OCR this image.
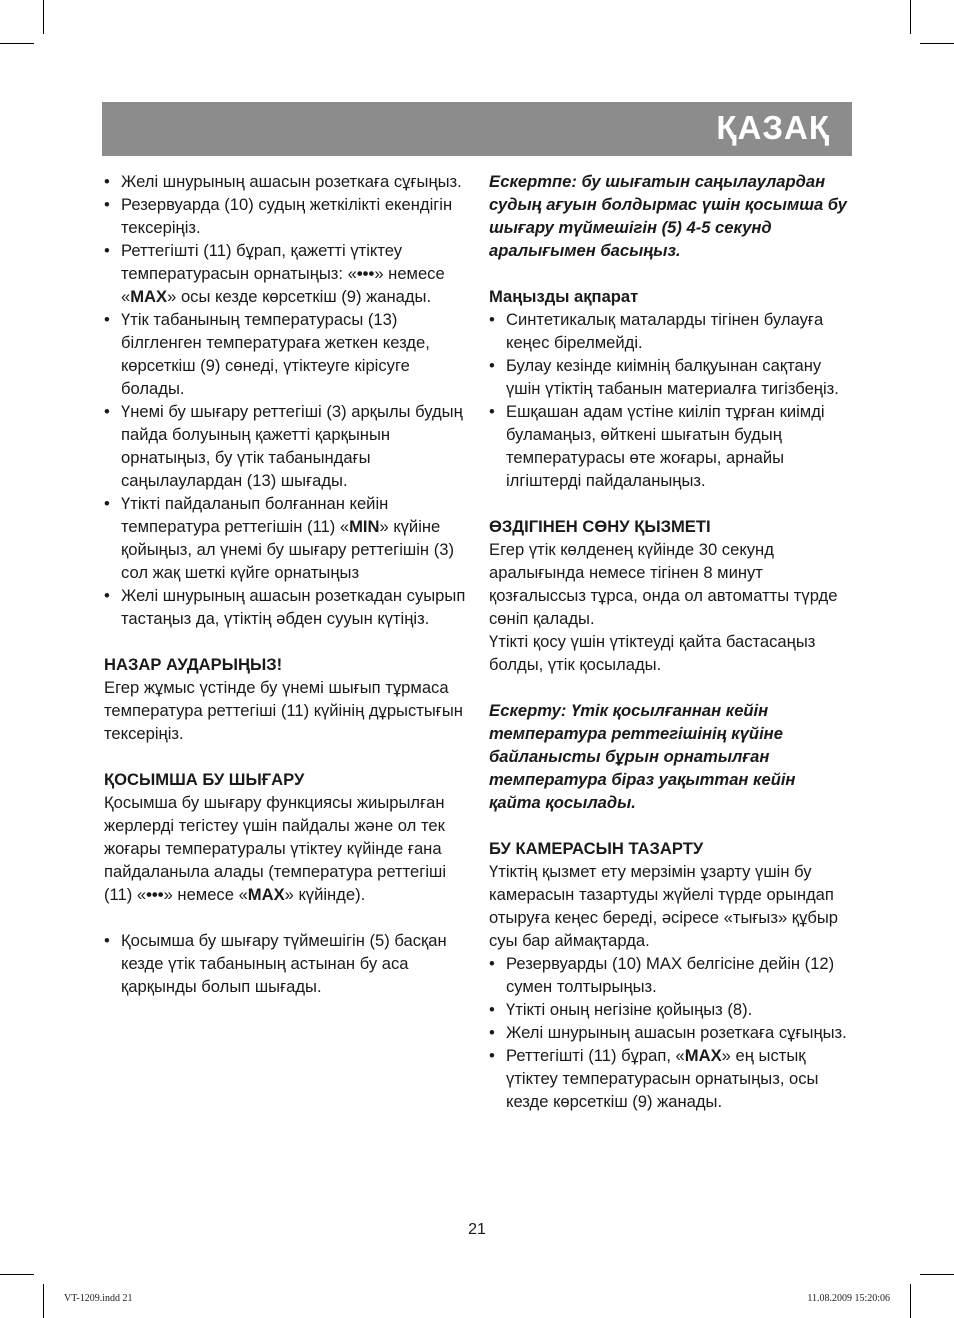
ҚАЗАҚ
• Желі шнурының ашасын розеткаға сұғыңыз.
• Резервуарда (10) судың жеткілікті екендігін тексеріңіз.
• Реттегішті (11) бұрап, қажетті үтіктеу температурасын орнатыңыз: «•••» немесе «MAX» осы кезде көрсеткіш (9) жанады.
• Үтік табанының температурасы (13) білгленген температураға жеткен кезде, көрсеткіш (9) сөнеді, үтіктеуге кірісуге болады.
• Үнемі бу шығару реттегіші (3) арқылы будың пайда болуының қажетті қарқынын орнатыңыз, бу үтік табанындағы саңылаулардан (13) шығады.
• Үтікті пайдаланып болғаннан кейін температура реттегішін (11) «MIN» күйіне қойыңыз, ал үнемі бу шығару реттегішін (3) сол жақ шеткі күйге орнатыңыз
• Желі шнурының ашасын розеткадан суырып тастаңыз да, үтіктің әбден сууын күтіңіз.

НАЗАР АУДАРЫҢЫЗ!

Егер жұмыс үстінде бу үнемі шығып тұрмаса температура реттегіші (11) күйінің дұрыстығын тексеріңіз.

ҚОСЫМША БУ ШЫҒАРУ

Қосымша бу шығару функциясы жиырылған жерлерді тегістеу үшін пайдалы және ол тек жоғары температуралы үтіктеу күйінде ғана пайдаланыла алады (температура реттегіші (11) «•••» немесе «MAX» күйінде).

• Қосымша бу шығару түймешігін (5) басқан кезде үтік табанының астынан бу аса қарқынды болып шығады.

Ескертпе: бу шығатын саңылаулардан судың ағуын болдырмас үшін қосымша бу шығару түймешігін (5) 4-5 секунд аралығымен басыңыз.

Маңызды ақпарат

• Синтетикалық маталарды тігінен булауға кеңес бірелмейді.
• Булау кезінде киімнің балқуынан сақтану үшін үтіктің табанын материалға тигізбеңіз.
• Ешқашан адам үстіне киіліп тұрған киімді буламаңыз, өйткені шығатын будың температурасы өте жоғары, арнайы ілгіштерді пайдаланыңыз.

ӨЗДІГІНЕН СӨНУ ҚЫЗМЕТІ

Егер үтік көлденең күйінде 30 секунд аралығында немесе тігінен 8 минут қозғалыссыз тұрса, онда ол автоматты түрде сөніп қалады.

Үтікті қосу үшін үтіктеуді қайта бастасаңыз болды, үтік қосылады.

Ескерту: Үтік қосылғаннан кейін температура реттегішінің күйіне байланысты бұрын орнатылған температура біраз уақыттан кейін қайта қосылады.

БУ КАМЕРАСЫН ТАЗАРТУ

Үтіктің қызмет ету мерзімін ұзарту үшін бу камерасын тазартуды жүйелі түрде орындап отыруға кеңес береді, әсіресе «тығыз» құбыр суы бар аймақтарда.

• Резервуарды (10) MAX белгісіне дейін (12) сумен толтырыңыз.
• Үтікті оның негізіне қойыңыз (8).
• Желі шнурының ашасын розеткаға сұғыңыз.
• Реттегішті (11) бұрап, «MAX» ең ыстық үтіктеу температурасын орнатыңыз, осы кезде көрсеткіш (9) жанады.
21
VT-1209.indd 21	11.08.2009 15:20:06
